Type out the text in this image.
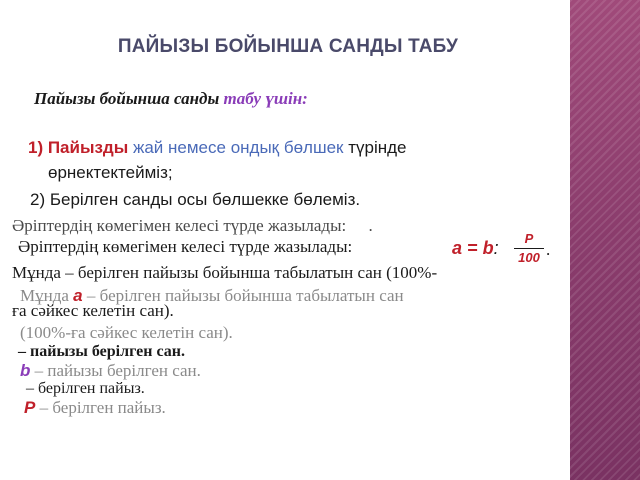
ПАЙЫЗЫ БОЙЫНША САНДЫ ТАБУ
Пайызы бойынша санды табу үшін:
1) Пайызды жай немесе ондық бөлшек түрінде
өрнектектейміз;
2) Берілген санды осы бөлшекке бөлеміз.
Әріптердің көмегімен келесі түрде жазылады: .
Әріптердің көмегімен келесі түрде жазылады:	a = b:	P
100 .
Мұнда – берілген пайызы бойынша табылатын сан (100%-
Мұнда a – берілген пайызы бойынша табылатын сан
ға сәйкес келетін сан).
(100%-ға сәйкес келетін сан).
– пайызы берілген сан.
b – пайызы берілген сан.
– берілген пайыз.
P – берілген пайыз.
